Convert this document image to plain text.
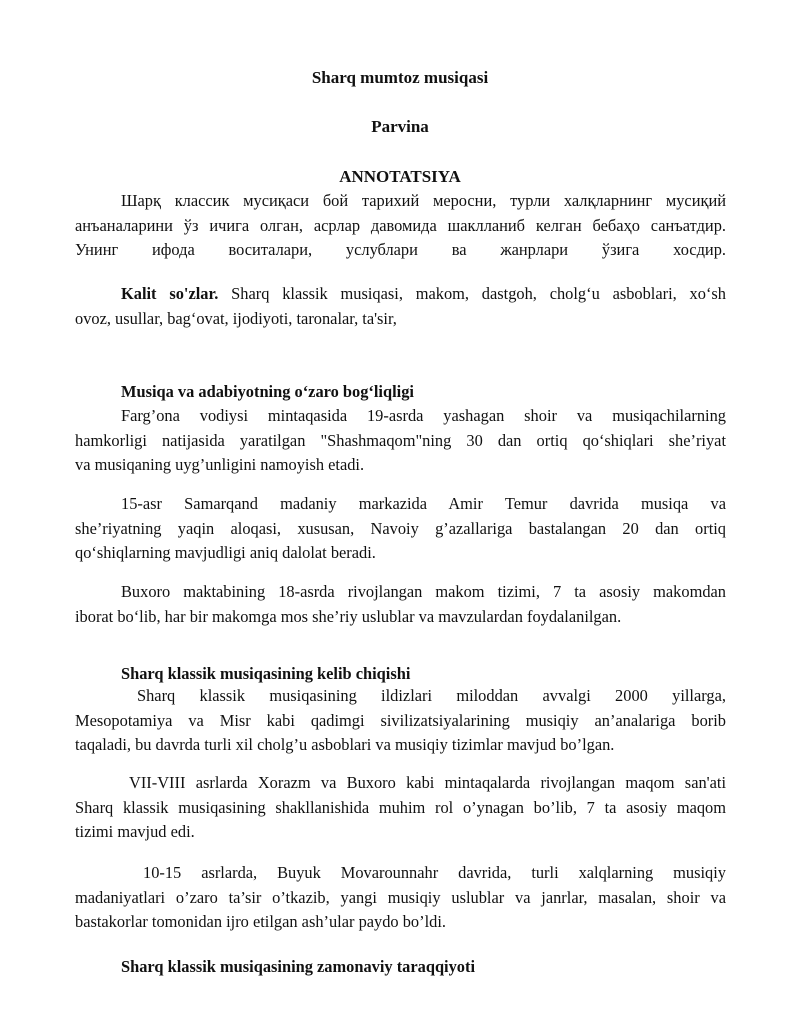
Sharq mumtoz musiqasi
Parvina
ANNOTATSIYA
Шарқ классик мусиқаси бой тарихий меросни, турли халқларнинг мусиқий
анъаналарини ўз ичига олган, асрлар давомида шаклланиб келган бебаҳо санъатдир.
Унинг ифода воситалари, услублари ва жанрлари ўзига хосдир.
Kalit so'zlar. Sharq klassik musiqasi, makom, dastgoh, cholg‘u asboblari, xo‘sh
ovoz, usullar, bag‘ovat, ijodiyoti, taronalar, ta'sir,
Musiqa va adabiyotning o‘zaro bog‘liqligi
Farg’ona vodiysi mintaqasida 19-asrda yashagan shoir va musiqachilarning
hamkorligi natijasida yaratilgan "Shashmaqom"ning 30 dan ortiq qo‘shiqlari she’riyat
va musiqaning uyg’unligini namoyish etadi.
15-asr Samarqand madaniy markazida Amir Temur davrida musiqa va
she’riyatning yaqin aloqasi, xususan, Navoiy g’azallariga bastalangan 20 dan ortiq
qo‘shiqlarning mavjudligi aniq dalolat beradi.
Buxoro maktabining 18-asrda rivojlangan makom tizimi, 7 ta asosiy makomdan
iborat bo‘lib, har bir makomga mos she’riy uslublar va mavzulardan foydalanilgan.
Sharq klassik musiqasining kelib chiqishi
Sharq klassik musiqasining ildizlari miloddan avvalgi 2000 yillarga,
Mesopotamiya va Misr kabi qadimgi sivilizatsiyalarining musiqiy an’analariga borib
taqaladi, bu davrda turli xil cholg’u asboblari va musiqiy tizimlar mavjud bo’lgan.
VII-VIII asrlarda Xorazm va Buxoro kabi mintaqalarda rivojlangan maqom san'ati
Sharq klassik musiqasining shakllanishida muhim rol o’ynagan bo’lib, 7 ta asosiy maqom
tizimi mavjud edi.
10-15 asrlarda, Buyuk Movarounnahr davrida, turli xalqlarning musiqiy
madaniyatlari o’zaro ta’sir o’tkazib, yangi musiqiy uslublar va janrlar, masalan, shoir va
bastakorlar tomonidan ijro etilgan ash’ular paydo bo’ldi.
Sharq klassik musiqasining zamonaviy taraqqiyoti
